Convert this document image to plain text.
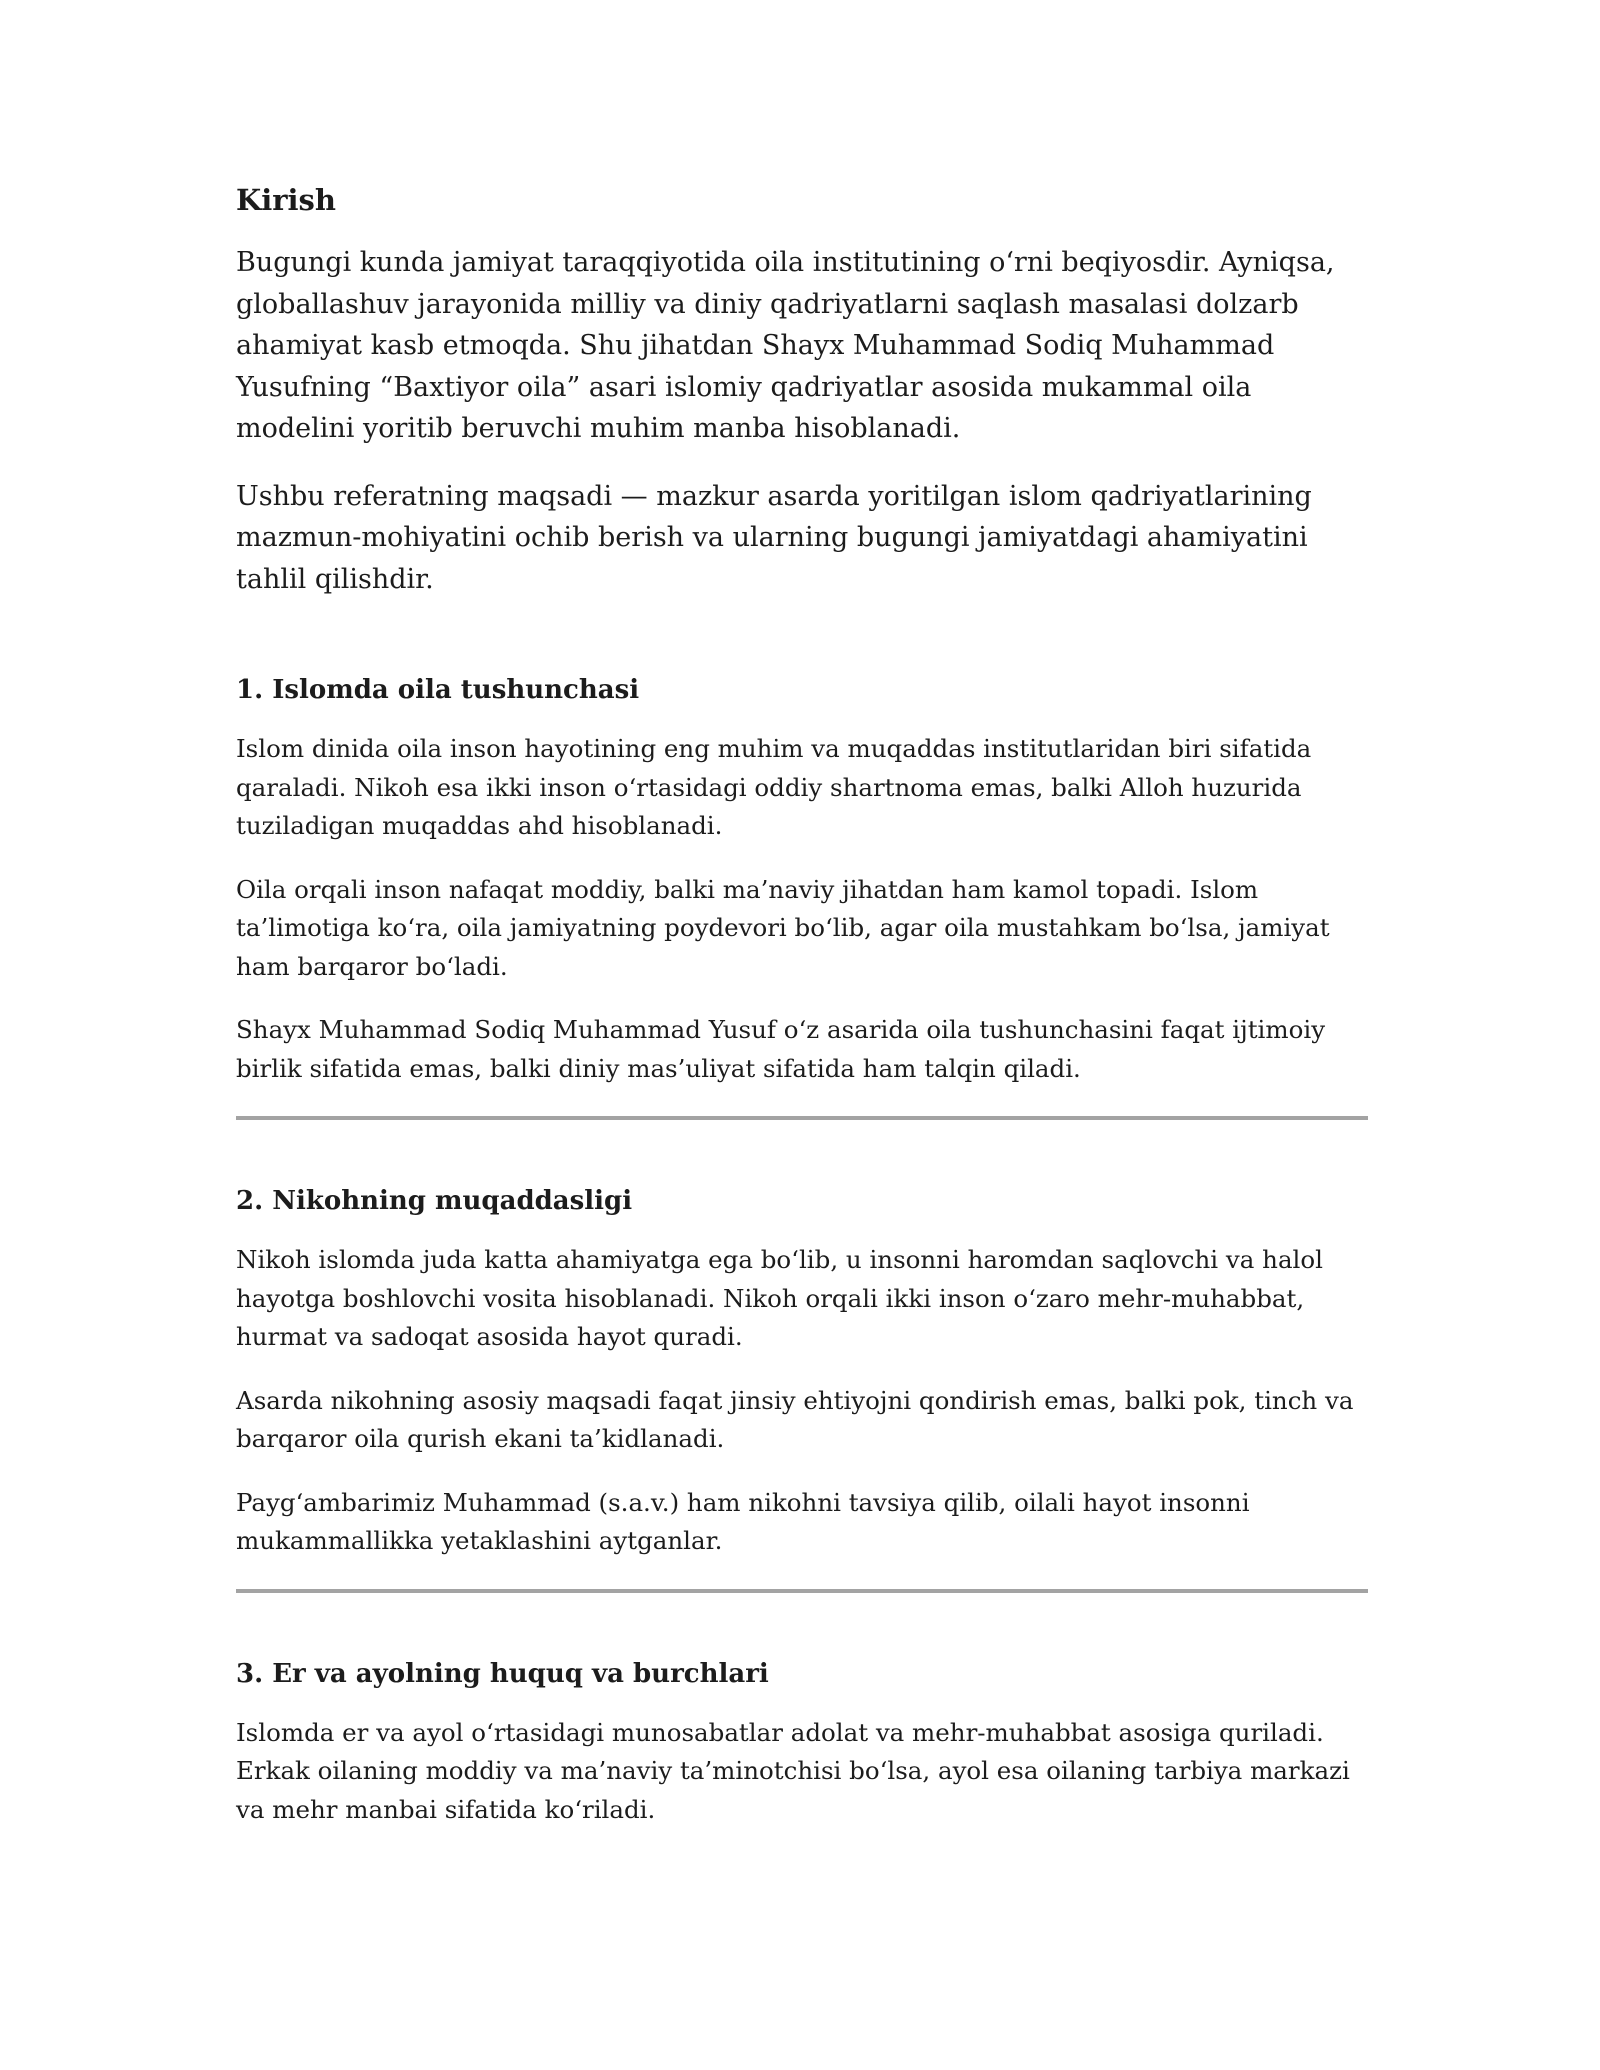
Kirish

Bugungi kunda jamiyat taraqqiyotida oila institutining o‘rni beqiyosdir. Ayniqsa, globallashuv jarayonida milliy va diniy qadriyatlarni saqlash masalasi dolzarb ahamiyat kasb etmoqda. Shu jihatdan Shayx Muhammad Sodiq Muhammad Yusufning “Baxtiyor oila” asari islomiy qadriyatlar asosida mukammal oila modelini yoritib beruvchi muhim manba hisoblanadi.

Ushbu referatning maqsadi — mazkur asarda yoritilgan islom qadriyatlarining mazmun-mohiyatini ochib berish va ularning bugungi jamiyatdagi ahamiyatini tahlil qilishdir.

1. Islomda oila tushunchasi

Islom dinida oila inson hayotining eng muhim va muqaddas institutlaridan biri sifatida qaraladi. Nikoh esa ikki inson o‘rtasidagi oddiy shartnoma emas, balki Alloh huzurida tuziladigan muqaddas ahd hisoblanadi.

Oila orqali inson nafaqat moddiy, balki ma’naviy jihatdan ham kamol topadi. Islom ta’limotiga ko‘ra, oila jamiyatning poydevori bo‘lib, agar oila mustahkam bo‘lsa, jamiyat ham barqaror bo‘ladi.

Shayx Muhammad Sodiq Muhammad Yusuf o‘z asarida oila tushunchasini faqat ijtimoiy birlik sifatida emas, balki diniy mas’uliyat sifatida ham talqin qiladi.

2. Nikohning muqaddasligi

Nikoh islomda juda katta ahamiyatga ega bo‘lib, u insonni haromdan saqlovchi va halol hayotga boshlovchi vosita hisoblanadi. Nikoh orqali ikki inson o‘zaro mehr-muhabbat, hurmat va sadoqat asosida hayot quradi.

Asarda nikohning asosiy maqsadi faqat jinsiy ehtiyojni qondirish emas, balki pok, tinch va barqaror oila qurish ekani ta’kidlanadi.

Payg‘ambarimiz Muhammad (s.a.v.) ham nikohni tavsiya qilib, oilali hayot insonni mukammallikka yetaklashini aytganlar.

3. Er va ayolning huquq va burchlari

Islomda er va ayol o‘rtasidagi munosabatlar adolat va mehr-muhabbat asosiga quriladi. Erkak oilaning moddiy va ma’naviy ta’minotchisi bo‘lsa, ayol esa oilaning tarbiya markazi va mehr manbai sifatida ko‘riladi.
